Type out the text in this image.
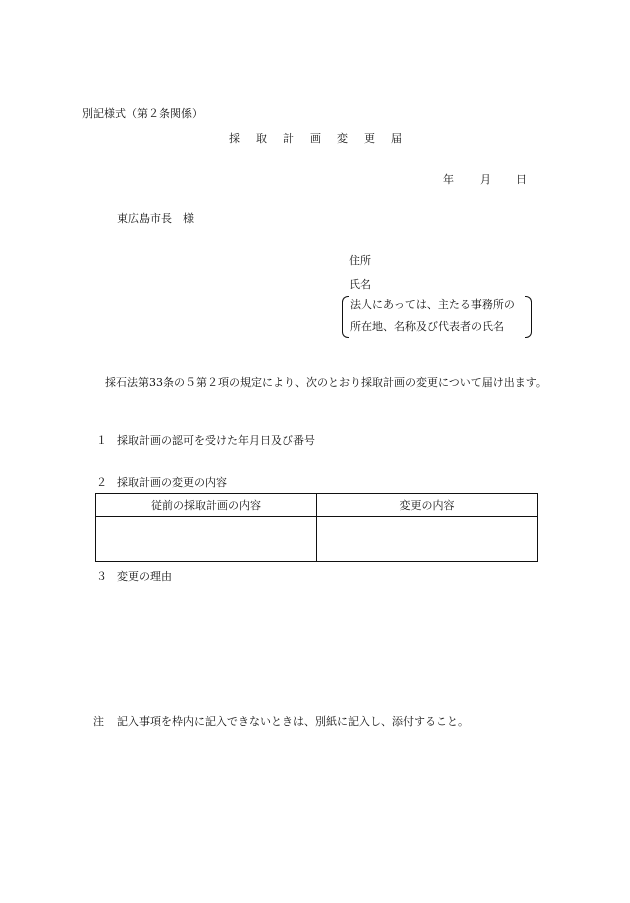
別記様式（第２条関係）
採取計画変更届
年	月	日
東広島市長　様
住所
氏名
法人にあっては、主たる事務所の
所在地、名称及び代表者の氏名
採石法第33条の５第２項の規定により、次のとおり採取計画の変更について届け出ます。
１ 採取計画の認可を受けた年月日及び番号
２ 採取計画の変更の内容
従前の採取計画の内容	変更の内容

３ 変更の理由
注 記入事項を枠内に記入できないときは、別紙に記入し、添付すること。
